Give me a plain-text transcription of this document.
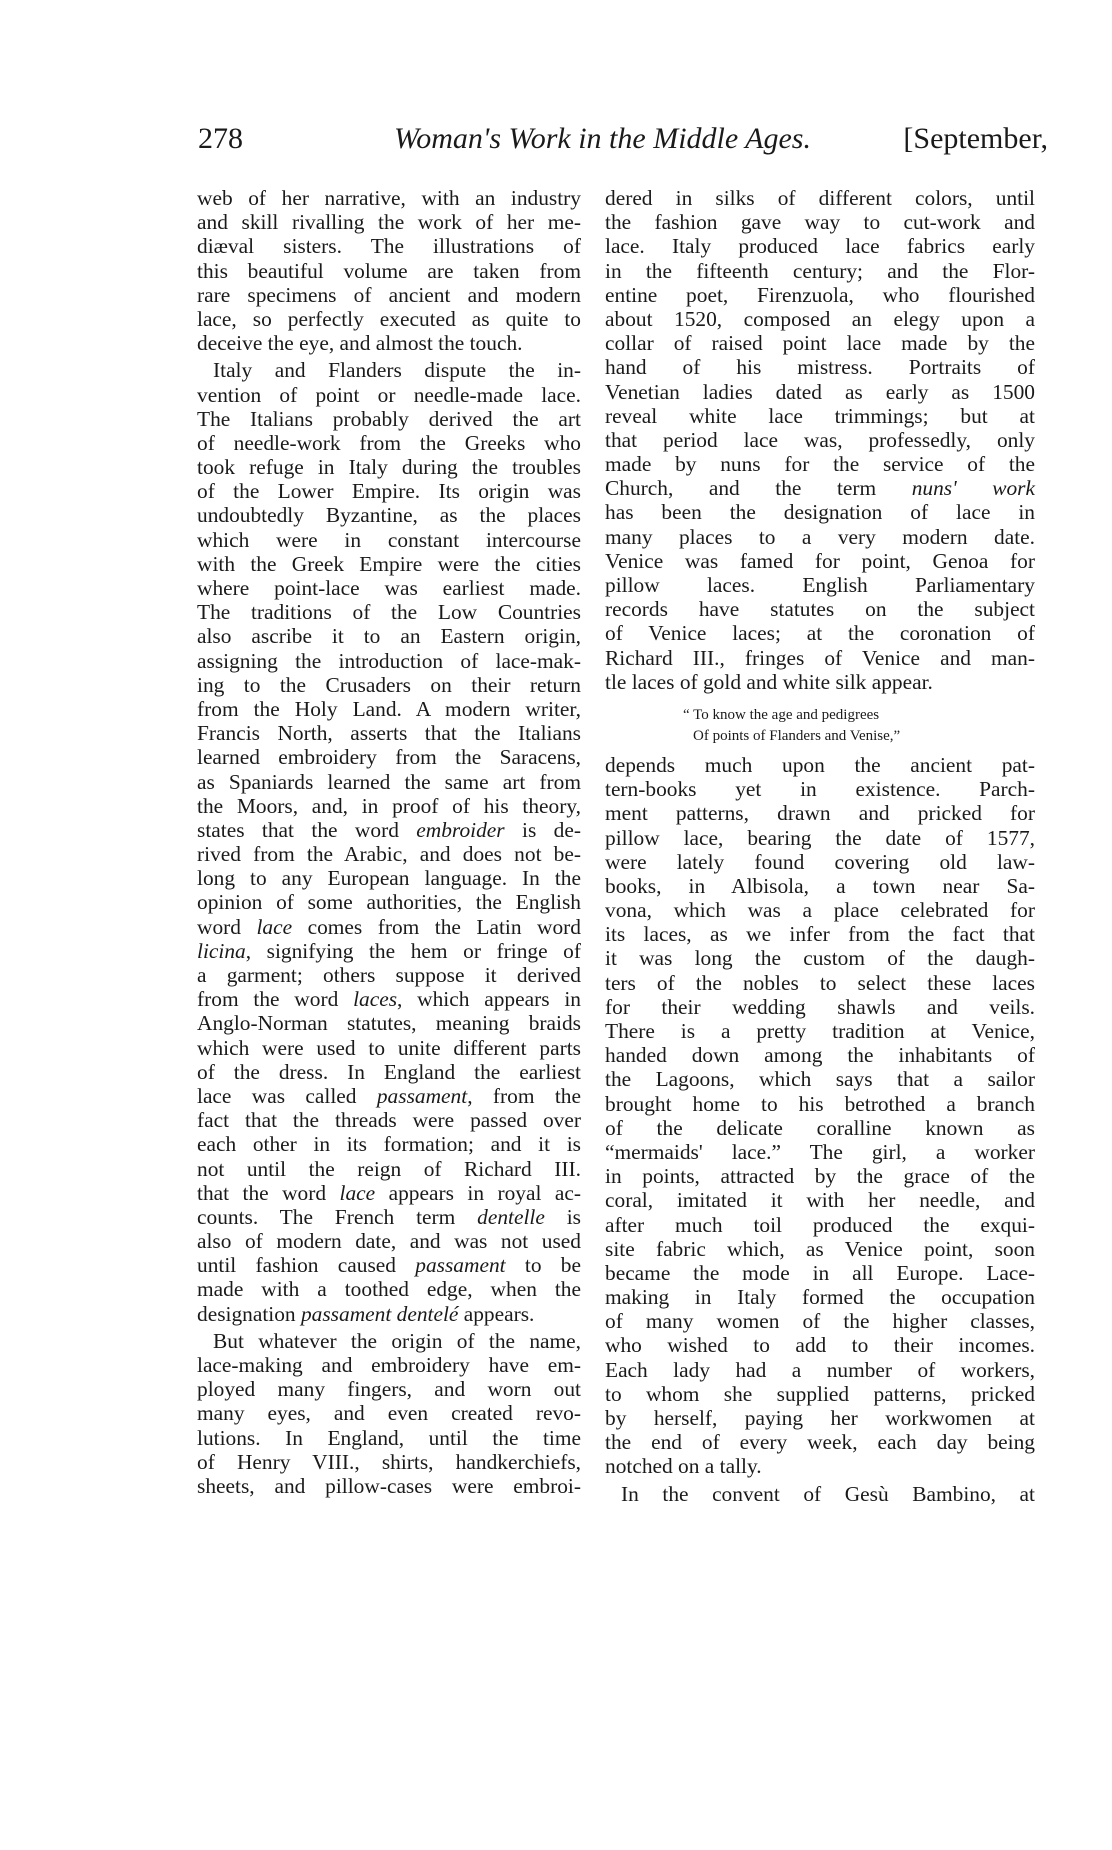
278	Woman's Work in the Middle Ages.	[September,
web of her narrative, with an industry
and skill rivalling the work of her me-
diæval sisters. The illustrations of
this beautiful volume are taken from
rare specimens of ancient and modern
lace, so perfectly executed as quite to
deceive the eye, and almost the touch.
Italy and Flanders dispute the in-
vention of point or needle-made lace.
The Italians probably derived the art
of needle-work from the Greeks who
took refuge in Italy during the troubles
of the Lower Empire. Its origin was
undoubtedly Byzantine, as the places
which were in constant intercourse
with the Greek Empire were the cities
where point-lace was earliest made.
The traditions of the Low Countries
also ascribe it to an Eastern origin,
assigning the introduction of lace-mak-
ing to the Crusaders on their return
from the Holy Land. A modern writer,
Francis North, asserts that the Italians
learned embroidery from the Saracens,
as Spaniards learned the same art from
the Moors, and, in proof of his theory,
states that the word embroider is de-
rived from the Arabic, and does not be-
long to any European language. In the
opinion of some authorities, the English
word lace comes from the Latin word
licina, signifying the hem or fringe of
a garment; others suppose it derived
from the word laces, which appears in
Anglo-Norman statutes, meaning braids
which were used to unite different parts
of the dress. In England the earliest
lace was called passament, from the
fact that the threads were passed over
each other in its formation; and it is
not until the reign of Richard III.
that the word lace appears in royal ac-
counts. The French term dentelle is
also of modern date, and was not used
until fashion caused passament to be
made with a toothed edge, when the
designation passament dentelé appears.
But whatever the origin of the name,
lace-making and embroidery have em-
ployed many fingers, and worn out
many eyes, and even created revo-
lutions. In England, until the time
of Henry VIII., shirts, handkerchiefs,
sheets, and pillow-cases were embroi-
dered in silks of different colors, until
the fashion gave way to cut-work and
lace. Italy produced lace fabrics early
in the fifteenth century; and the Flor-
entine poet, Firenzuola, who flourished
about 1520, composed an elegy upon a
collar of raised point lace made by the
hand of his mistress. Portraits of
Venetian ladies dated as early as 1500
reveal white lace trimmings; but at
that period lace was, professedly, only
made by nuns for the service of the
Church, and the term nuns' work
has been the designation of lace in
many places to a very modern date.
Venice was famed for point, Genoa for
pillow laces. English Parliamentary
records have statutes on the subject
of Venice laces; at the coronation of
Richard III., fringes of Venice and man-
tle laces of gold and white silk appear.
“ To know the age and pedigrees
Of points of Flanders and Venise,”
depends much upon the ancient pat-
tern-books yet in existence. Parch-
ment patterns, drawn and pricked for
pillow lace, bearing the date of 1577,
were lately found covering old law-
books, in Albisola, a town near Sa-
vona, which was a place celebrated for
its laces, as we infer from the fact that
it was long the custom of the daugh-
ters of the nobles to select these laces
for their wedding shawls and veils.
There is a pretty tradition at Venice,
handed down among the inhabitants of
the Lagoons, which says that a sailor
brought home to his betrothed a branch
of the delicate coralline known as
“mermaids' lace.” The girl, a worker
in points, attracted by the grace of the
coral, imitated it with her needle, and
after much toil produced the exqui-
site fabric which, as Venice point, soon
became the mode in all Europe. Lace-
making in Italy formed the occupation
of many women of the higher classes,
who wished to add to their incomes.
Each lady had a number of workers,
to whom she supplied patterns, pricked
by herself, paying her workwomen at
the end of every week, each day being
notched on a tally.
In the convent of Gesù Bambino, at
